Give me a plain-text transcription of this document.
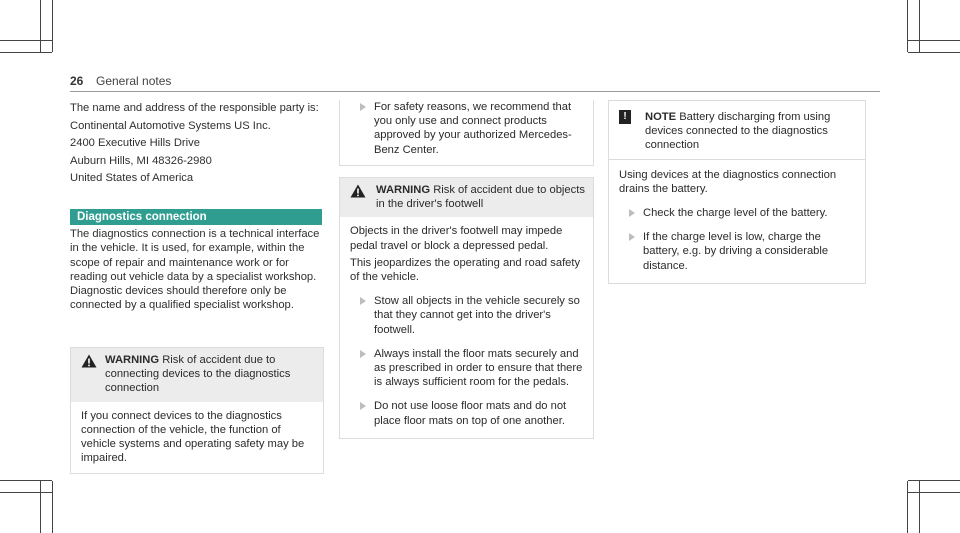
26 General notes

The name and address of the responsible party is:

Continental Automotive Systems US Inc.

2400 Executive Hills Drive

Auburn Hills, MI 48326-2980

United States of America

Diagnostics connection

The diagnostics connection is a technical interface in the vehicle. It is used, for example, within the scope of repair and maintenance work or for reading out vehicle data by a specialist workshop. Diagnostic devices should therefore only be connected by a qualified specialist workshop.

WARNING Risk of accident due to connecting devices to the diagnostics connection
If you connect devices to the diagnostics connection of the vehicle, the function of vehicle systems and operating safety may be impaired.
For safety reasons, we recommend that you only use and connect products approved by your authorized Mercedes-Benz Center.
WARNING Risk of accident due to objects in the driver's footwell

Objects in the driver's footwell may impede pedal travel or block a depressed pedal.

This jeopardizes the operating and road safety of the vehicle.

Stow all objects in the vehicle securely so that they cannot get into the driver's footwell.
Always install the floor mats securely and as prescribed in order to ensure that there is always sufficient room for the pedals.
Do not use loose floor mats and do not place floor mats on top of one another.
!	NOTE Battery discharging from using devices connected to the diagnostics connection

Using devices at the diagnostics connection drains the battery.

Check the charge level of the battery.
If the charge level is low, charge the battery, e.g. by driving a considerable distance.
